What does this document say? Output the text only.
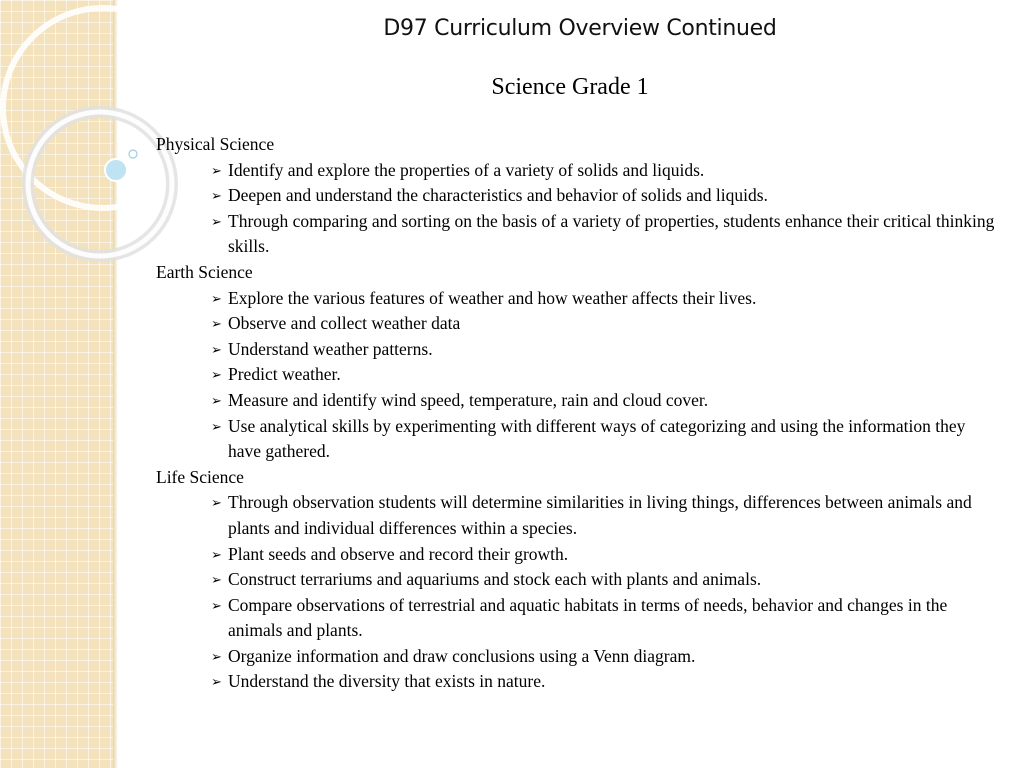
D97 Curriculum Overview Continued
Science Grade 1
Physical Science
➢ Identify and explore the properties of a variety of solids and liquids.
➢ Deepen and understand the characteristics and behavior of solids and liquids.
➢ Through comparing and sorting on the basis of a variety of properties, students enhance their critical thinking skills.
Earth Science
➢ Explore the various features of weather and how weather affects their lives.
➢ Observe and collect weather data
➢ Understand weather patterns.
➢ Predict weather.
➢ Measure and identify wind speed, temperature, rain and cloud cover.
➢ Use analytical skills by experimenting with different ways of categorizing and using the information they have gathered.
Life Science
➢ Through observation students will determine similarities in living things, differences between animals and plants and individual differences within a species.
➢ Plant seeds and observe and record their growth.
➢ Construct terrariums and aquariums and stock each with plants and animals.
➢ Compare observations of terrestrial and aquatic habitats in terms of needs, behavior and changes in the animals and plants.
➢ Organize information and draw conclusions using a Venn diagram.
➢ Understand the diversity that exists in nature.
